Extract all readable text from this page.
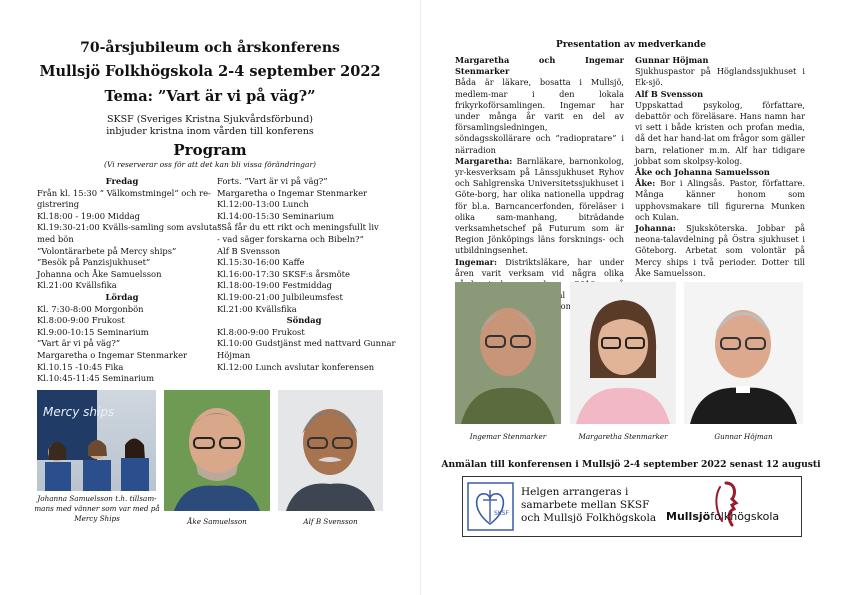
70-årsjubileum och årskonferens
Mullsjö Folkhögskola 2-4 september 2022
Tema: ”Vart är vi på väg?”
SKSF (Sveriges Kristna Sjukvårdsförbund)
inbjuder kristna inom vården till konferens
Program
(Vi reserverar oss för att det kan bli vissa förändringar)
Fredag
Från kl. 15:30 ” Välkomstmingel” och re-
gistrering
Kl.18:00 - 19:00 Middag
Kl.19:30-21:00 Kvälls-samling som avslutas
med bön
”Volontärarbete på Mercy ships”
”Besök på Panzisjukhuset”
Johanna och Åke Samuelsson
Kl.21:00 Kvällsfika
Lördag
Kl. 7:30-8:00 Morgonbön
Kl.8:00-9:00 Frukost
Kl.9:00-10:15 Seminarium
”Vart är vi på väg?”
Margaretha o Ingemar Stenmarker
Kl.10.15 -10:45 Fika
Kl.10:45-11:45 Seminarium
Forts. ”Vart är vi på väg?”
Margaretha o Ingemar Stenmarker
Kl.12:00-13:00 Lunch
Kl.14:00-15:30 Seminarium
”Så får du ett rikt och meningsfullt liv
- vad säger forskarna och Bibeln?”
Alf B Svensson
Kl.15:30-16:00 Kaffe
Kl.16:00-17:30 SKSF:s årsmöte
Kl.18:00-19:00 Festmiddag
Kl.19:00-21:00 Julbileumsfest
Kl.21:00 Kvällsfika
Söndag
Kl.8:00-9:00 Frukost
Kl.10:00 Gudstjänst med nattvard Gunnar
Höjman
Kl.12:00 Lunch avslutar konferensen
Mercy ships
Johanna Samuelsson t.h. tillsam-
mans med vänner som var med på
Mercy Ships	Åke Samuelsson	Alf B Svensson
Presentation av medverkande

Margaretha och Ingemar Stenmarker

Båda är läkare, bosatta i Mullsjö, medlem-mar i den lokala frikyrkoförsamlingen. Ingemar har under många år varit en del av församlingsledningen, söndagsskollärare och ”radiopratare” i närradion

Margaretha: Barnläkare, barnonkolog, yr-kesverksam på Länssjukhuset Ryhov och Sahlgrenska Universitetssjukhuset i Göte-borg, har olika nationella uppdrag för bl.a. Barncancerfonden, föreläser i olika sam-manhang, biträdande verksamhetschef på Futurum som är Region Jönköpings läns forsknings- och utbildningsenhet.

Ingemar: Distriktsläkare, har under åren varit verksam vid några olika

Gunnar Höjman

Sjukhuspastor på Höglandssjukhuset i Ek-sjö.

Alf B Svensson

Uppskattad psykolog, författare, debattör och föreläsare. Hans namn har vi sett i både kristen och profan media, då det har hand-lat om frågor som gäller barn, relationer m.m. Alf har tidigare jobbat som skolpsy-kolog.

Åke och Johanna Samuelsson

Åke: Bor i Alingsås. Pastor, författare. Många känner honom som upphovsmakare till figurerna Munken och Kulan.

Johanna: Sjuksköterska. Jobbar på neona-talavdelning på Östra sjukhuset i Göteborg. Arbetat som volontär på Mercy ships i två perioder. Dotter till Åke Samuelsson.

Ingemar Stenmarker	Margaretha Stenmarker	Gunnar Höjman
Anmälan till konferensen i Mullsjö 2-4 september 2022 senast 12 augusti
SKSF
Helgen arrangeras i
samarbete mellan SKSF
och Mullsjö Folkhögskola Mullsjöfolkhögskola
